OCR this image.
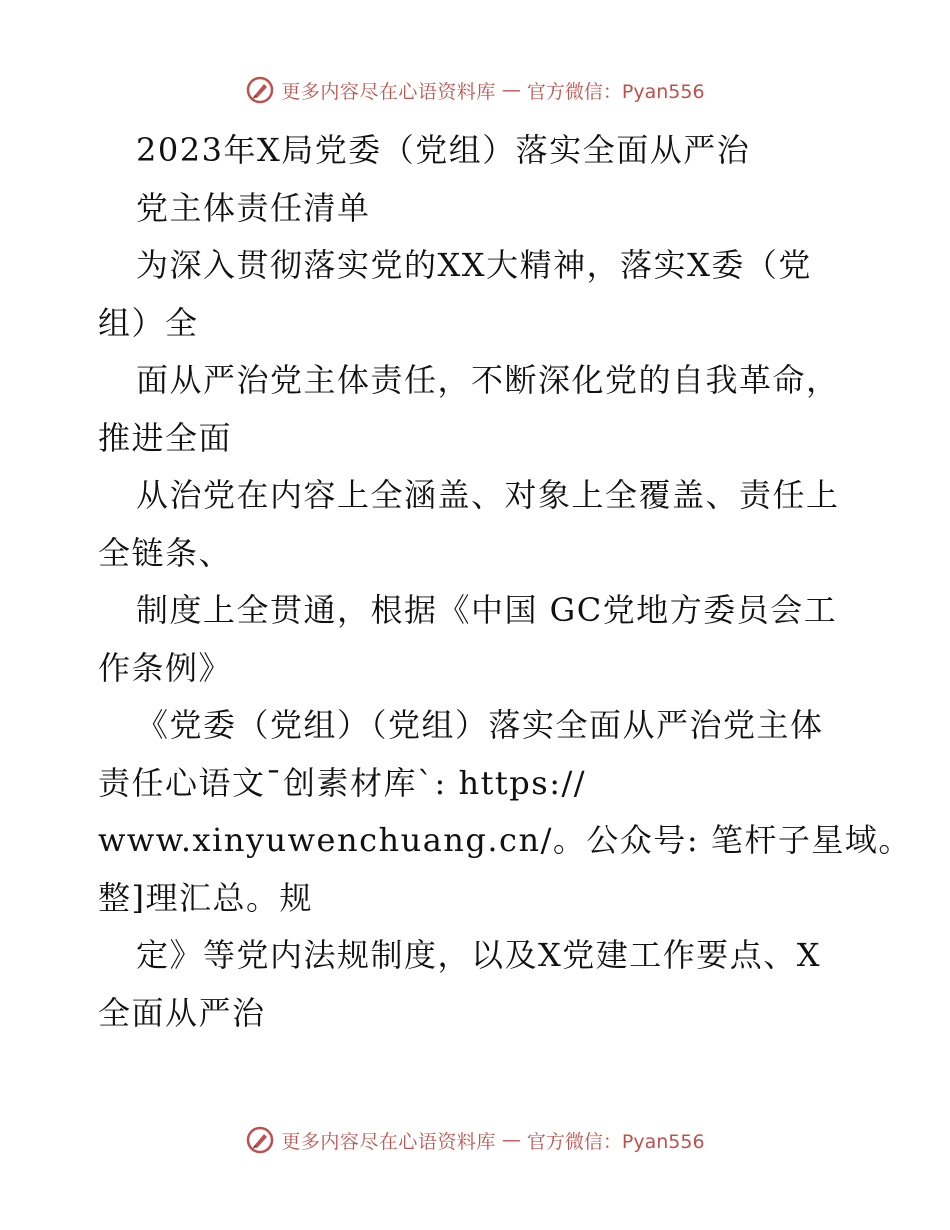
更多内容尽在心语资料库 — 官方微信：Pyan556
2023年X局党委（党组）落实全面从严治
党主体责任清单
为深入贯彻落实党的XX大精神，落实X委（党
组）全
面从严治党主体责任，不断深化党的自我革命，
推进全面
从治党在内容上全涵盖、对象上全覆盖、责任上
全链条、
制度上全贯通，根据《中国 GC党地方委员会工
作条例》
《党委（党组）（党组）落实全面从严治党主体
责任心语文¯创素材库`: https://
www.xinyuwenchuang.cn/。公众号: 笔杆子星域。
整]理汇总。规
定》等党内法规制度，以及X党建工作要点、X
全面从严治
更多内容尽在心语资料库 — 官方微信：Pyan556
